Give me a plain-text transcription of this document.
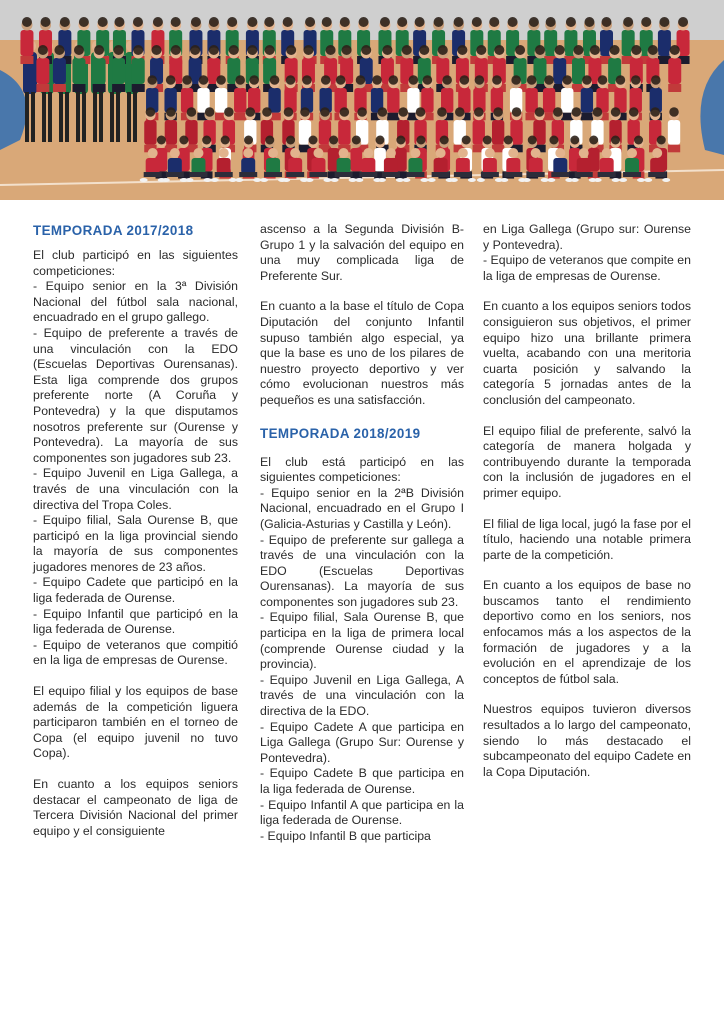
TEMPORADA 2017/2018

El club participó en las siguientes competiciones:
- Equipo senior en la 3ª División Nacional del fútbol sala nacional, encuadrado en el grupo gallego.
- Equipo de preferente a través de una vinculación con la EDO (Escuelas Deportivas Ourensanas). Esta liga comprende dos grupos preferente norte (A Coruña y Pontevedra) y la que disputamos nosotros preferente sur (Ourense y Pontevedra). La mayoría de sus componentes son jugadores sub 23.
- Equipo Juvenil en Liga Gallega, a través de una vinculación con la directiva del Tropa Coles.
- Equipo filial, Sala Ourense B, que participó en la liga provincial siendo la mayoría de sus componentes jugadores menores de 23 años.
- Equipo Cadete que participó en la liga federada de Ourense.
- Equipo Infantil que participó en la liga federada de Ourense.
- Equipo de veteranos que compitió en la liga de empresas de Ourense.

El equipo filial y los equipos de base además de la competición liguera participaron también en el torneo de Copa (el equipo juvenil no tuvo Copa).

En cuanto a los equipos seniors destacar el campeonato de liga de Tercera División Nacional del primer equipo y el consiguiente

ascenso a la Segunda División B-Grupo 1 y la salvación del equipo en una muy complicada liga de Preferente Sur.

En cuanto a la base el título de Copa Diputación del conjunto Infantil supuso también algo especial, ya que la base es uno de los pilares de nuestro proyecto deportivo y ver cómo evolucionan nuestros más pequeños es una satisfacción.

TEMPORADA 2018/2019

El club está participó en las siguientes competiciones:
- Equipo senior en la 2ªB División Nacional, encuadrado en el Grupo I (Galicia-Asturias y Castilla y León).
- Equipo de preferente sur gallega a través de una vinculación con la EDO (Escuelas Deportivas Ourensanas). La mayoría de sus componentes son jugadores sub 23.
- Equipo filial, Sala Ourense B, que participa en la liga de primera local (comprende Ourense ciudad y la provincia).
- Equipo Juvenil en Liga Gallega, A través de una vinculación con la directiva de la EDO.
- Equipo Cadete A que participa en Liga Gallega (Grupo Sur: Ourense y Pontevedra).
- Equipo Cadete B que participa en la liga federada de Ourense.
- Equipo Infantil A que participa en la liga federada de Ourense.
- Equipo Infantil B que participa

en Liga Gallega (Grupo sur: Ourense y Pontevedra).
- Equipo de veteranos que compite en la liga de empresas de Ourense.

En cuanto a los equipos seniors todos consiguieron sus objetivos, el primer equipo hizo una brillante primera vuelta, acabando con una meritoria cuarta posición y salvando la categoría 5 jornadas antes de la conclusión del campeonato.

El equipo filial de preferente, salvó la categoría de manera holgada y contribuyendo durante la temporada con la inclusión de jugadores en el primer equipo.

El filial de liga local, jugó la fase por el título, haciendo una notable primera parte de la competición.

En cuanto a los equipos de base no buscamos tanto el rendimiento deportivo como en los seniors, nos enfocamos más a los aspectos de la formación de jugadores y a la evolución en el aprendizaje de los conceptos de fútbol sala.

Nuestros equipos tuvieron diversos resultados a lo largo del campeonato, siendo lo más destacado el subcampeonato del equipo Cadete en la Copa Diputación.
